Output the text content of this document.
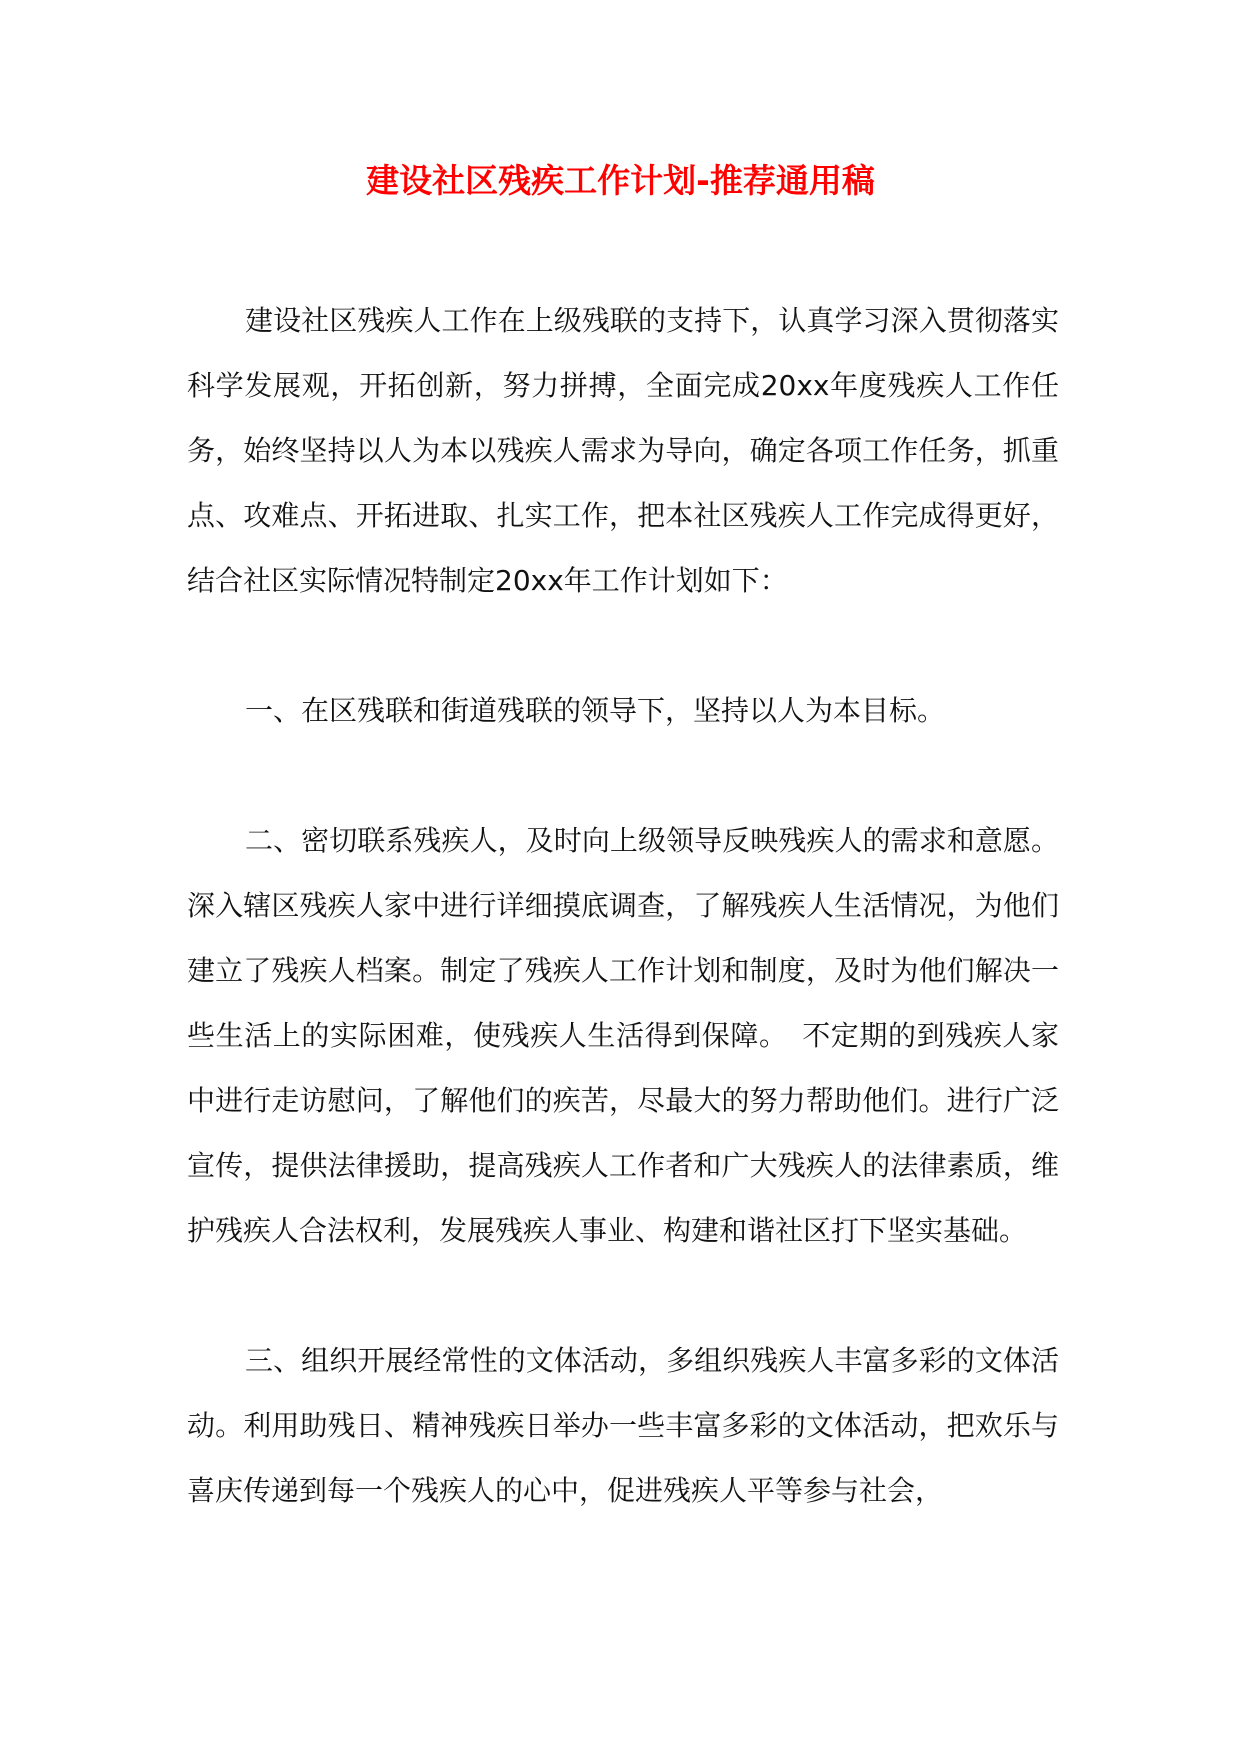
建设社区残疾工作计划-推荐通用稿

建设社区残疾人工作在上级残联的支持下，认真学习深入贯彻落实科学发展观，开拓创新，努力拼搏，全面完成20xx年度残疾人工作任务，始终坚持以人为本以残疾人需求为导向，确定各项工作任务，抓重点、攻难点、开拓进取、扎实工作，把本社区残疾人工作完成得更好，结合社区实际情况特制定20xx年工作计划如下：

一、在区残联和街道残联的领导下，坚持以人为本目标。

二、密切联系残疾人，及时向上级领导反映残疾人的需求和意愿。深入辖区残疾人家中进行详细摸底调查，了解残疾人生活情况，为他们建立了残疾人档案。制定了残疾人工作计划和制度，及时为他们解决一些生活上的实际困难，使残疾人生活得到保障。　不定期的到残疾人家中进行走访慰问，了解他们的疾苦，尽最大的努力帮助他们。进行广泛宣传，提供法律援助，提高残疾人工作者和广大残疾人的法律素质，维护残疾人合法权利，发展残疾人事业、构建和谐社区打下坚实基础。

三、组织开展经常性的文体活动，多组织残疾人丰富多彩的文体活动。利用助残日、精神残疾日举办一些丰富多彩的文体活动，把欢乐与喜庆传递到每一个残疾人的心中，促进残疾人平等参与社会，
